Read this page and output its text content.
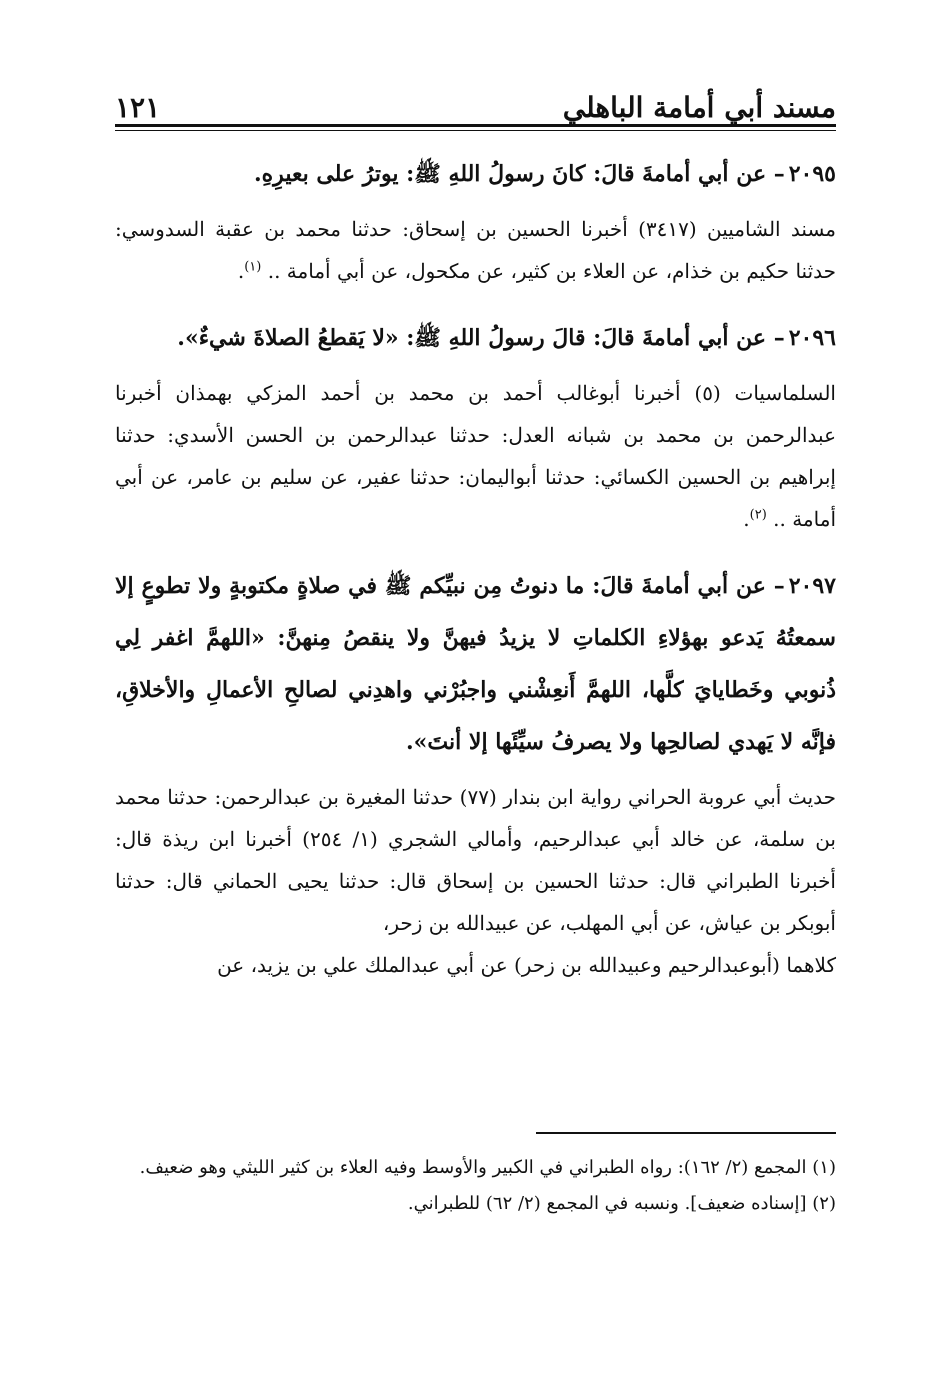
مسند أبي أمامة الباهلي
١٢١

٢٠٩٥– عن أبي أمامةَ قالَ: كانَ رسولُ اللهِ ﷺ: يوترُ على بعيرِهِ.

مسند الشاميين (٣٤١٧) أخبرنا الحسين بن إسحاق: حدثنا محمد بن عقبة السدوسي: حدثنا حكيم بن خذام، عن العلاء بن كثير، عن مكحول، عن أبي أمامة .. $^{(١)}$.

٢٠٩٦– عن أبي أمامةَ قالَ: قالَ رسولُ اللهِ ﷺ: «لا يَقطعُ الصلاةَ شيءٌ».

السلماسيات (٥) أخبرنا أبوغالب أحمد بن محمد بن أحمد المزكي بهمذان أخبرنا عبدالرحمن بن محمد بن شبانه العدل: حدثنا عبدالرحمن بن الحسن الأسدي: حدثنا إبراهيم بن الحسين الكسائي: حدثنا أبواليمان: حدثنا عفير، عن سليم بن عامر، عن أبي أمامة .. $^{(٢)}$.

٢٠٩٧– عن أبي أمامةَ قالَ: ما دنوتُ مِن نبيِّكم ﷺ في صلاةٍ مكتوبةٍ ولا تطوعٍ إلا سمعتُهُ يَدعو بهؤلاءِ الكلماتِ لا يزيدُ فيهنَّ ولا ينقصُ مِنهنَّ: «اللهمَّ اغفر لِي ذُنوبي وخَطايايَ كلَّها، اللهمَّ أَنعِشْني واجبُرْني واهدِني لصالحِ الأعمالِ والأخلاقِ، فإنَّه لا يَهدي لصالحِها ولا يصرفُ سيِّئَها إلا أنتَ».

حديث أبي عروبة الحراني رواية ابن بندار (٧٧) حدثنا المغيرة بن عبدالرحمن: حدثنا محمد بن سلمة، عن خالد أبي عبدالرحيم، وأمالي الشجري (١/ ٢٥٤) أخبرنا ابن ريذة قال: أخبرنا الطبراني قال: حدثنا الحسين بن إسحاق قال: حدثنا يحيى الحماني قال: حدثنا أبوبكر بن عياش، عن أبي المهلب، عن عبيدالله بن زحر،

كلاهما (أبوعبدالرحيم وعبيدالله بن زحر) عن أبي عبدالملك علي بن يزيد، عن

(١) المجمع (٢/ ١٦٢): رواه الطبراني في الكبير والأوسط وفيه العلاء بن كثير الليثي وهو ضعيف.

(٢) [إسناده ضعيف]. ونسبه في المجمع (٢/ ٦٢) للطبراني.
